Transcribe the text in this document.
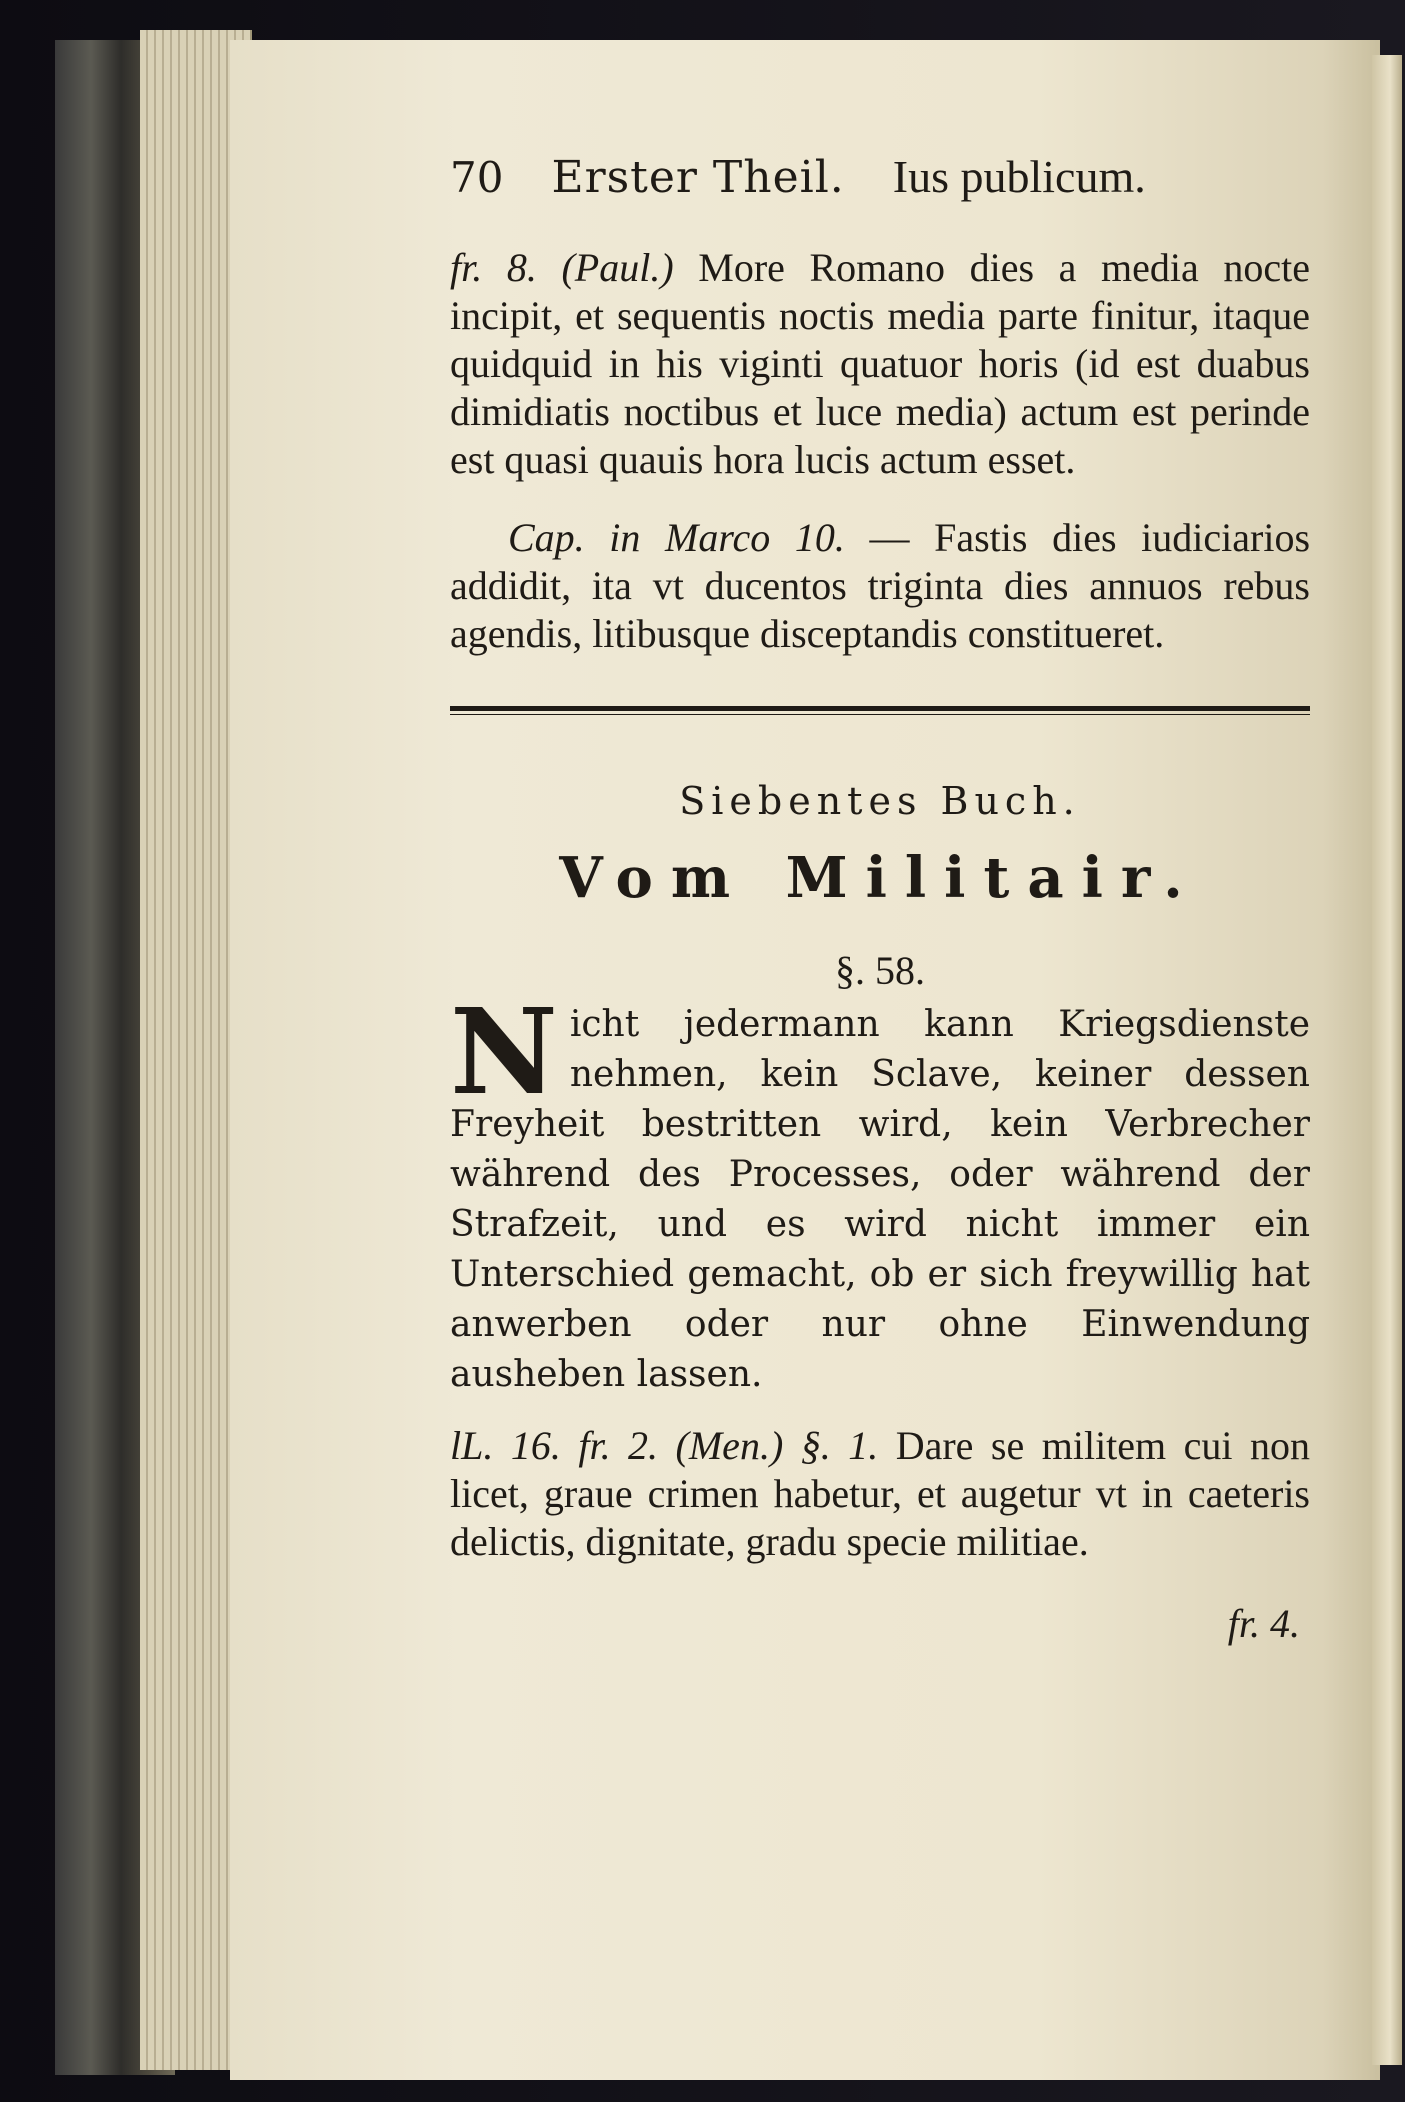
70 Erster Theil. Ius publicum.

fr. 8. (Paul.) More Romano dies a media nocte incipit, et sequentis noctis media parte finitur, itaque quidquid in his viginti quatuor horis (id est duabus dimidiatis noctibus et luce media) actum est perinde est quasi quauis hora lucis actum esset.

Cap. in Marco 10. — Fastis dies iudiciarios addidit, ita vt ducentos triginta dies annuos rebus agendis, litibusque disceptandis constitueret.

Siebentes Buch.
Vom Militair.
§. 58.

Nicht jedermann kann Kriegsdienste nehmen, kein Sclave, keiner dessen Freyheit bestritten wird, kein Verbrecher während des Processes, oder während der Strafzeit, und es wird nicht immer ein Unterschied gemacht, ob er sich freywillig hat anwerben oder nur ohne Einwendung ausheben lassen.

lL. 16. fr. 2. (Men.) §. 1. Dare se militem cui non licet, graue crimen habetur, et augetur vt in caeteris delictis, dignitate, gradu specie militiae.

fr. 4.
